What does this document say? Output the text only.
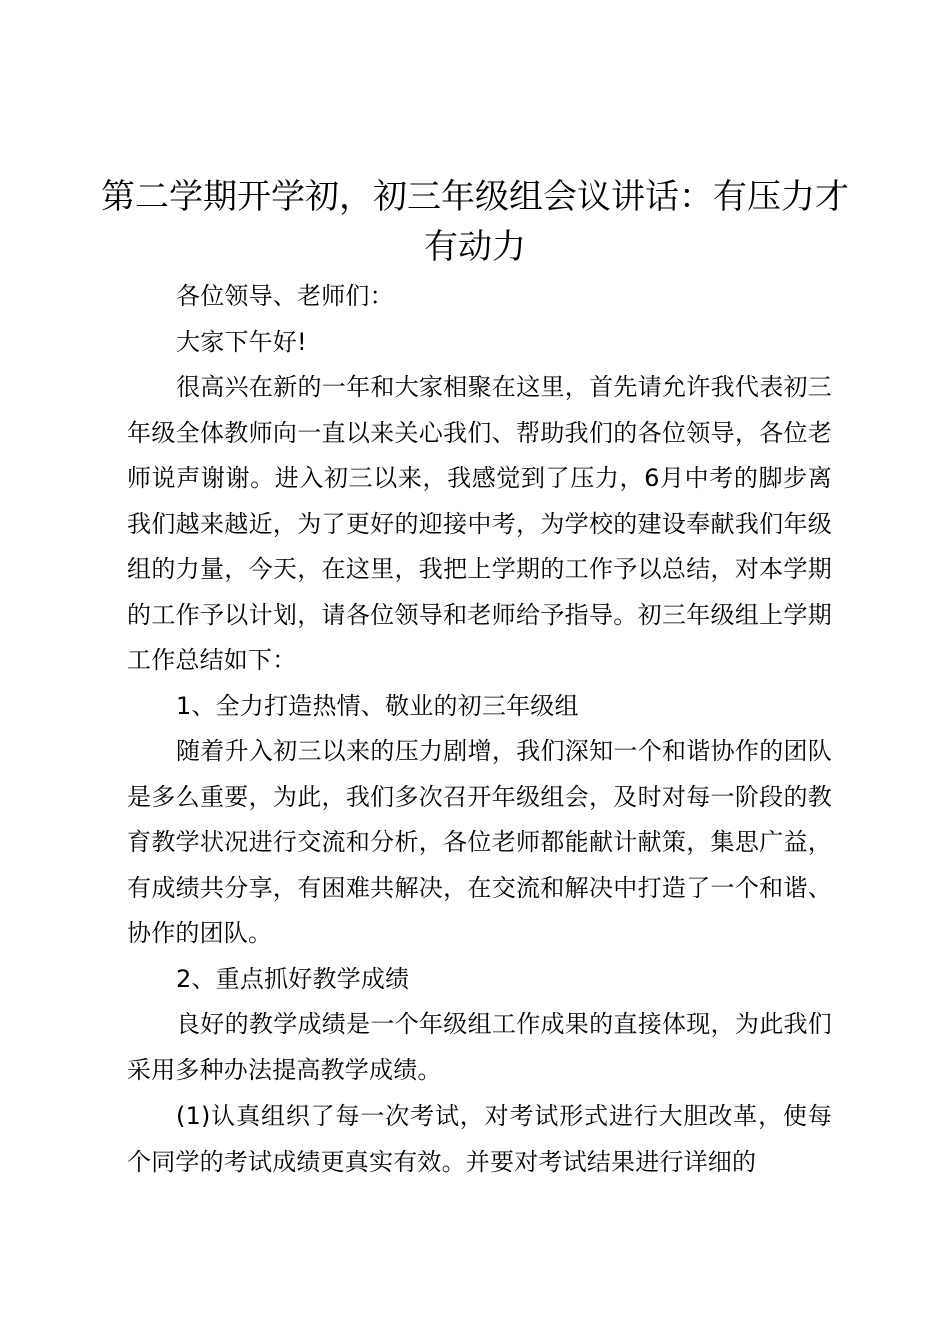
第二学期开学初，初三年级组会议讲话：有压力才有动力

各位领导、老师们：

大家下午好!

很高兴在新的一年和大家相聚在这里，首先请允许我代表初三年级全体教师向一直以来关心我们、帮助我们的各位领导，各位老师说声谢谢。进入初三以来，我感觉到了压力，6月中考的脚步离我们越来越近，为了更好的迎接中考，为学校的建设奉献我们年级组的力量，今天，在这里，我把上学期的工作予以总结，对本学期的工作予以计划，请各位领导和老师给予指导。初三年级组上学期工作总结如下：

1、全力打造热情、敬业的初三年级组

随着升入初三以来的压力剧增，我们深知一个和谐协作的团队是多么重要，为此，我们多次召开年级组会，及时对每一阶段的教育教学状况进行交流和分析，各位老师都能献计献策，集思广益，有成绩共分享，有困难共解决，在交流和解决中打造了一个和谐、协作的团队。

2、重点抓好教学成绩

良好的教学成绩是一个年级组工作成果的直接体现，为此我们采用多种办法提高教学成绩。

(1)认真组织了每一次考试，对考试形式进行大胆改革，使每个同学的考试成绩更真实有效。并要对考试结果进行详细的
